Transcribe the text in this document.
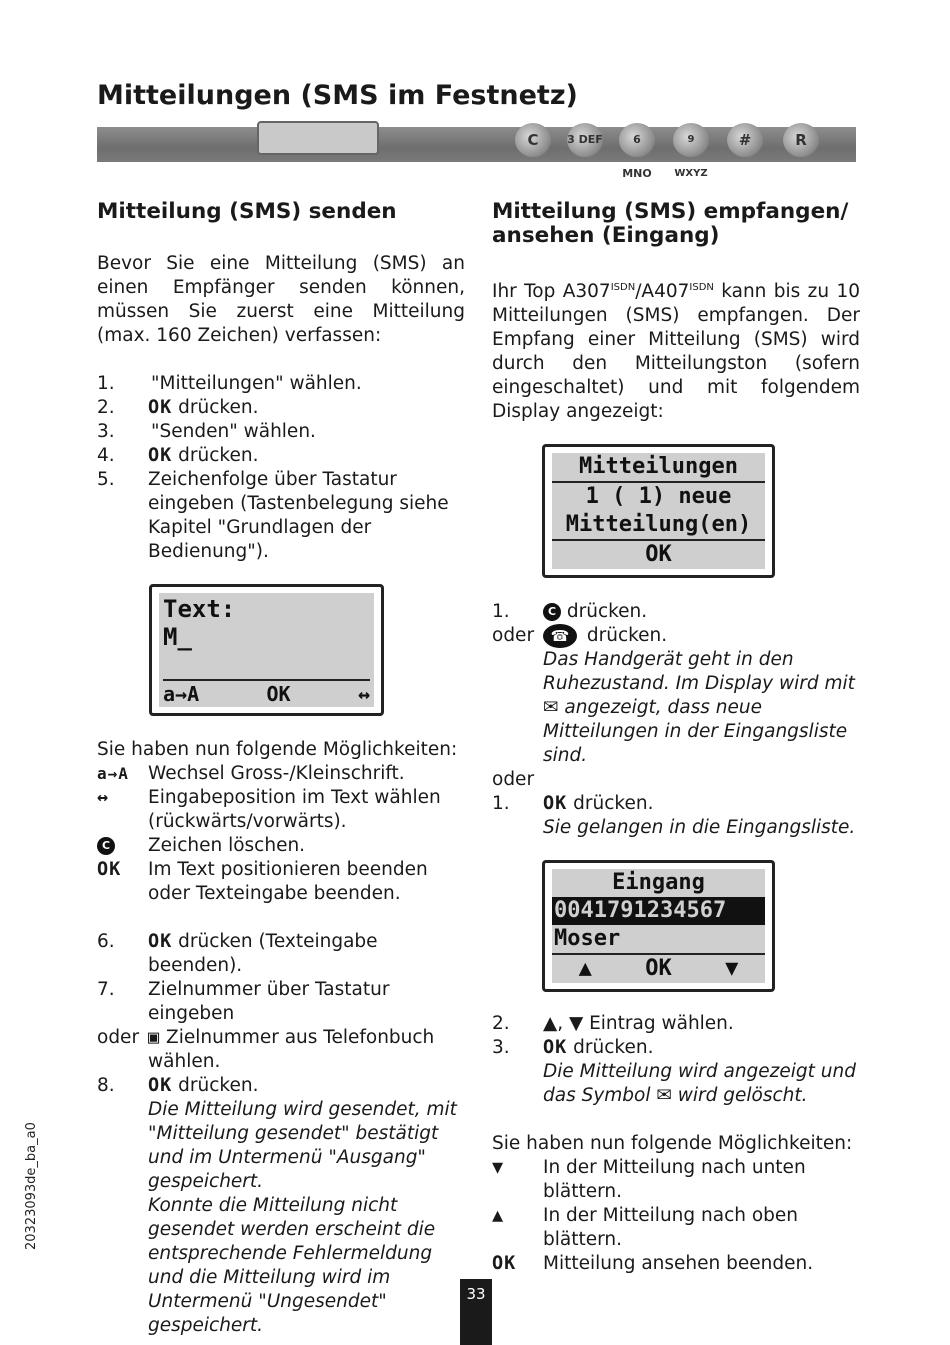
Mitteilungen (SMS im Festnetz)
C	3 DEF	6 MNO
9 WXYZ
#	R
Mitteilung (SMS) senden

Bevor Sie eine Mitteilung (SMS) an einen Empfänger senden können, müssen Sie zuerst eine Mitteilung (max. 160 Zeichen) verfassen:

1.	"Mitteilungen" wählen.
2.	OK drücken.
3.	"Senden" wählen.
4.	OK drücken.
5.	Zeichenfolge über Tastatur eingeben (Tastenbelegung siehe Kapitel "Grundlagen der Bedienung").
Text:
M_
a→A	OK	↔

Sie haben nun folgende Möglichkeiten:

a→A	Wechsel Gross-/Kleinschrift.
↔	Eingabeposition im Text wählen (rückwärts/vorwärts).
C	Zeichen löschen.
OK	Im Text positionieren beenden oder Texteingabe beenden.
6.	OK drücken (Texteingabe beenden).
7.	Zielnummer über Tastatur eingeben
oder ▣ Zielnummer aus Telefonbuch wählen.
8.	OK drücken.
Die Mitteilung wird gesendet, mit "Mitteilung gesendet" bestätigt und im Untermenü "Ausgang" gespeichert.
Konnte die Mitteilung nicht gesendet werden erscheint die entsprechende Fehlermeldung und die Mitteilung wird im Untermenü "Ungesendet" gespeichert.
Mitteilung (SMS) empfangen/
ansehen (Eingang)

Ihr Top $A307^{ISDN}/A407^{ISDN}$ kann bis zu 10 Mitteilungen (SMS) empfangen. Der Empfang einer Mitteilung (SMS) wird durch den Mitteilungston (sofern eingeschaltet) und mit folgendem Display angezeigt:

Mitteilungen
1 ( 1) neue
Mitteilung(en)
OK
1.	C drücken.
oder	☎ drücken.
Das Handgerät geht in den Ruhezustand. Im Display wird mit ✉ angezeigt, dass neue Mitteilungen in der Eingangsliste sind.
oder
1.	OK drücken.
Sie gelangen in die Eingangsliste.
Eingang
0041791234567
Moser
▲ OK ▼
2.	▲, ▼ Eintrag wählen.
3.	OK drücken.
Die Mitteilung wird angezeigt und das Symbol ✉ wird gelöscht.

Sie haben nun folgende Möglichkeiten:

▼	In der Mitteilung nach unten blättern.
▲	In der Mitteilung nach oben blättern.
OK	Mitteilung ansehen beenden.
20323093de_ba_a0
33
